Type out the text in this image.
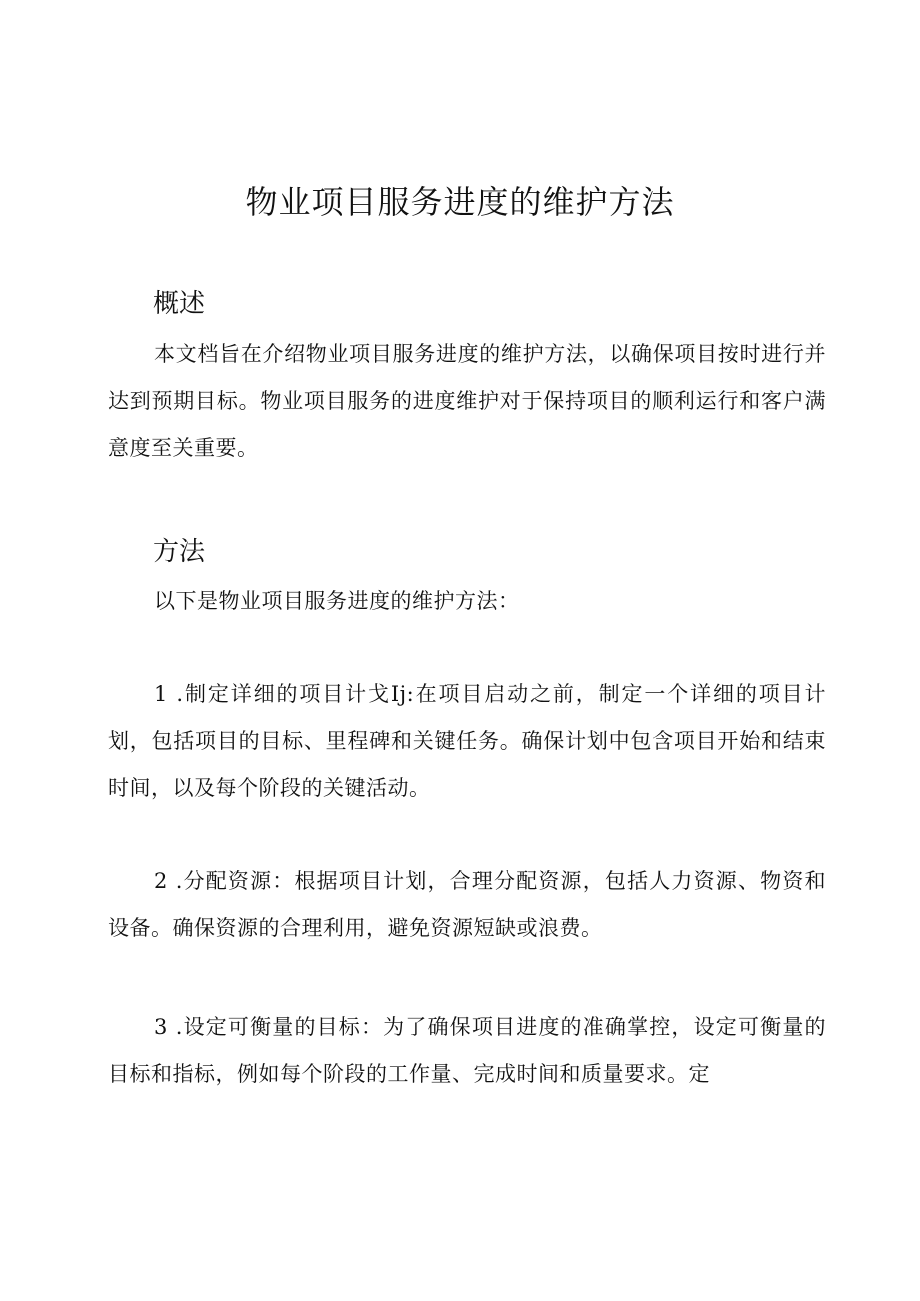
物业项目服务进度的维护方法
概述

本文档旨在介绍物业项目服务进度的维护方法，以确保项目按时进行并达到预期目标。物业项目服务的进度维护对于保持项目的顺利运行和客户满意度至关重要。

方法

以下是物业项目服务进度的维护方法：

1 .制定详细的项目计戈Ij:在项目启动之前，制定一个详细的项目计划，包括项目的目标、里程碑和关键任务。确保计划中包含项目开始和结束时间，以及每个阶段的关键活动。

2 .分配资源：根据项目计划，合理分配资源，包括人力资源、物资和设备。确保资源的合理利用，避免资源短缺或浪费。

3 .设定可衡量的目标：为了确保项目进度的准确掌控，设定可衡量的目标和指标，例如每个阶段的工作量、完成时间和质量要求。定
